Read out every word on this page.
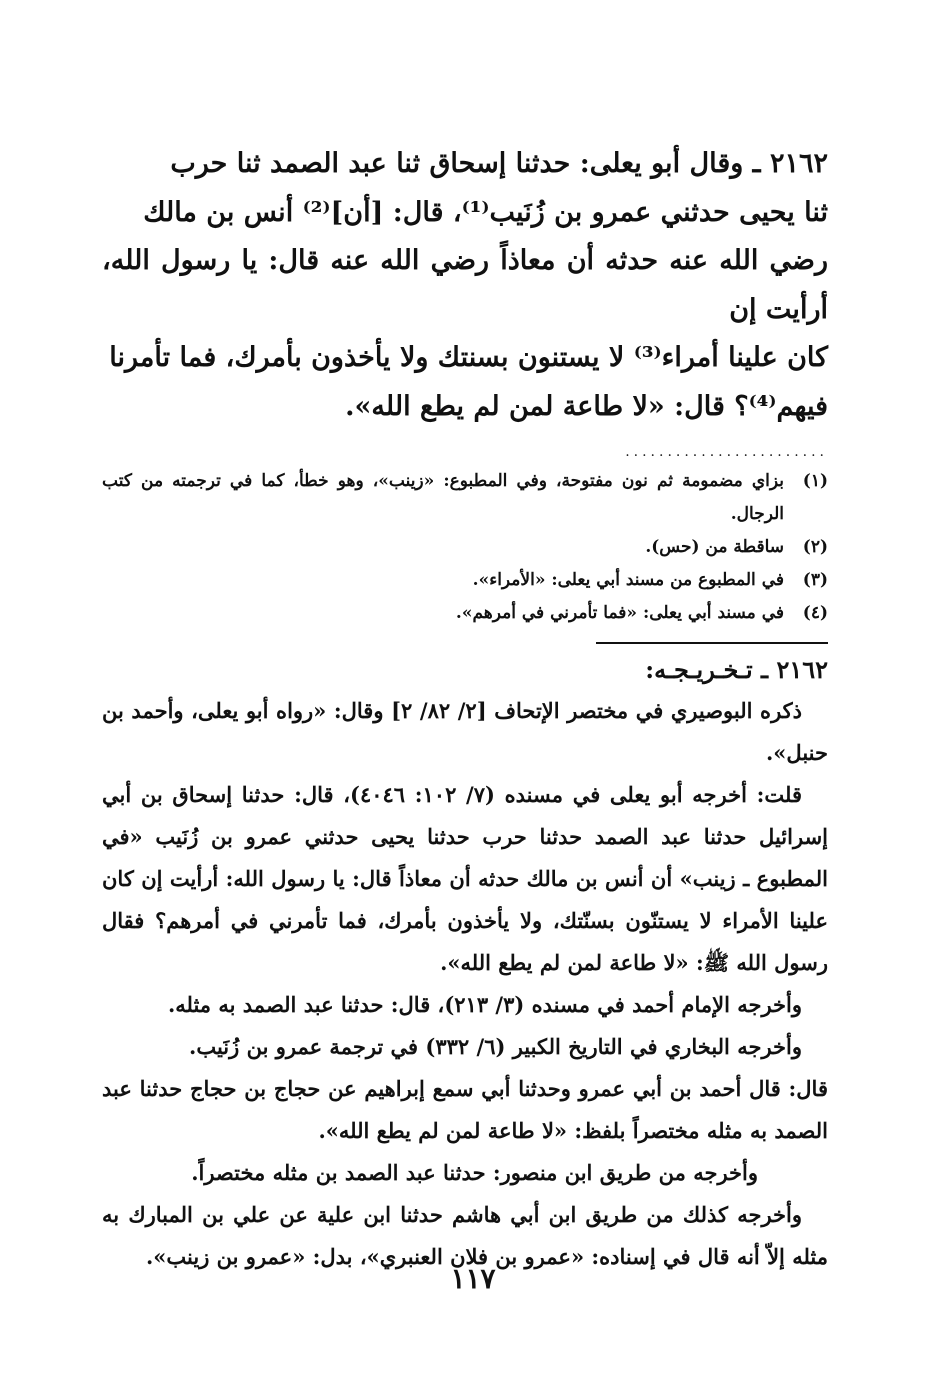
٢١٦٢ ـ وقال أبو يعلى: حدثنا إسحاق ثنا عبد الصمد ثنا حرب

ثنا يحيى حدثني عمرو بن زُنَيب⁽¹⁾، قال: [أن]⁽²⁾ أنس بن مالك

رضي الله عنه حدثه أن معاذاً رضي الله عنه قال: يا رسول الله، أرأيت إن

كان علينا أمراء⁽³⁾ لا يستنون بسنتك ولا يأخذون بأمرك، فما تأمرنا

فيهم⁽⁴⁾؟ قال: «لا طاعة لمن لم يطع الله».

........................
(١)
بزاي مضمومة ثم نون مفتوحة، وفي المطبوع: «زينب»، وهو خطأ، كما في ترجمته من كتب الرجال.
(٢)
ساقطة من (حس).
(٣)
في المطبوع من مسند أبي يعلى: «الأمراء».
(٤)
في مسند أبي يعلى: «فما تأمرني في أمرهم».

٢١٦٢ ـ تـخـريـجـه:

ذكره البوصيري في مختصر الإتحاف [٢/ ٨٢/ ٢] وقال: «رواه أبو يعلى، وأحمد بن حنبل».

قلت: أخرجه أبو يعلى في مسنده (٧/ ١٠٢: ٤٠٤٦)، قال: حدثنا إسحاق بن أبي إسرائيل حدثنا عبد الصمد حدثنا حرب حدثنا يحيى حدثني عمرو بن زُنَيب «في المطبوع ـ زينب» أن أنس بن مالك حدثه أن معاذاً قال: يا رسول الله: أرأيت إن كان علينا الأمراء لا يستنّون بسنّتك، ولا يأخذون بأمرك، فما تأمرني في أمرهم؟ فقال رسول الله ﷺ: «لا طاعة لمن لم يطع الله».

وأخرجه الإمام أحمد في مسنده (٣/ ٢١٣)، قال: حدثنا عبد الصمد به مثله.

وأخرجه البخاري في التاريخ الكبير (٦/ ٣٣٢) في ترجمة عمرو بن زُنَيب.

قال: قال أحمد بن أبي عمرو وحدثنا أبي سمع إبراهيم عن حجاج بن حجاج حدثنا عبد الصمد به مثله مختصراً بلفظ: «لا طاعة لمن لم يطع الله».

وأخرجه من طريق ابن منصور: حدثنا عبد الصمد بن مثله مختصراً.

وأخرجه كذلك من طريق ابن أبي هاشم حدثنا ابن علية عن علي بن المبارك به مثله إلاّ أنه قال في إسناده: «عمرو بن فلان العنبري»، بدل: «عمرو بن زينب».

١١٧
